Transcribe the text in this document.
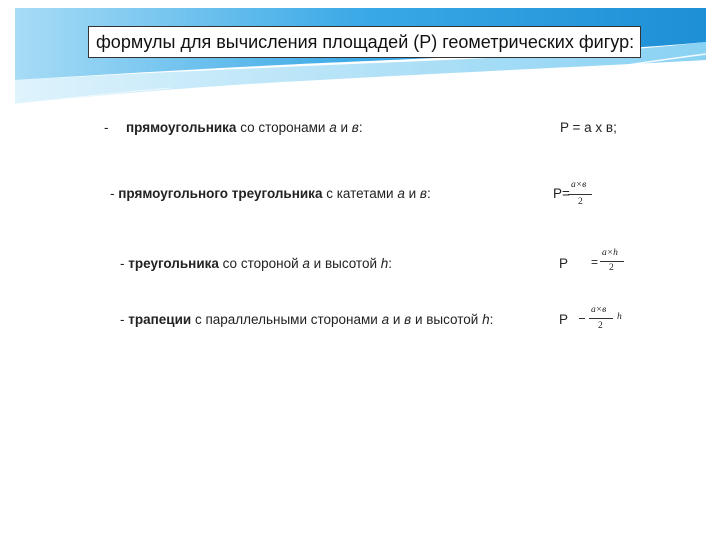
формулы для вычисления площадей (P) геометрических фигур:
- прямоугольника со сторонами а и в:	P = a x в;
- прямоугольного треугольника с катетами а и в:	P=
a×в
2
- треугольника со стороной а и высотой h:	P =
a×h
2
- трапеции с параллельными сторонами а и в и высотой h:	P
a×в
2
h
